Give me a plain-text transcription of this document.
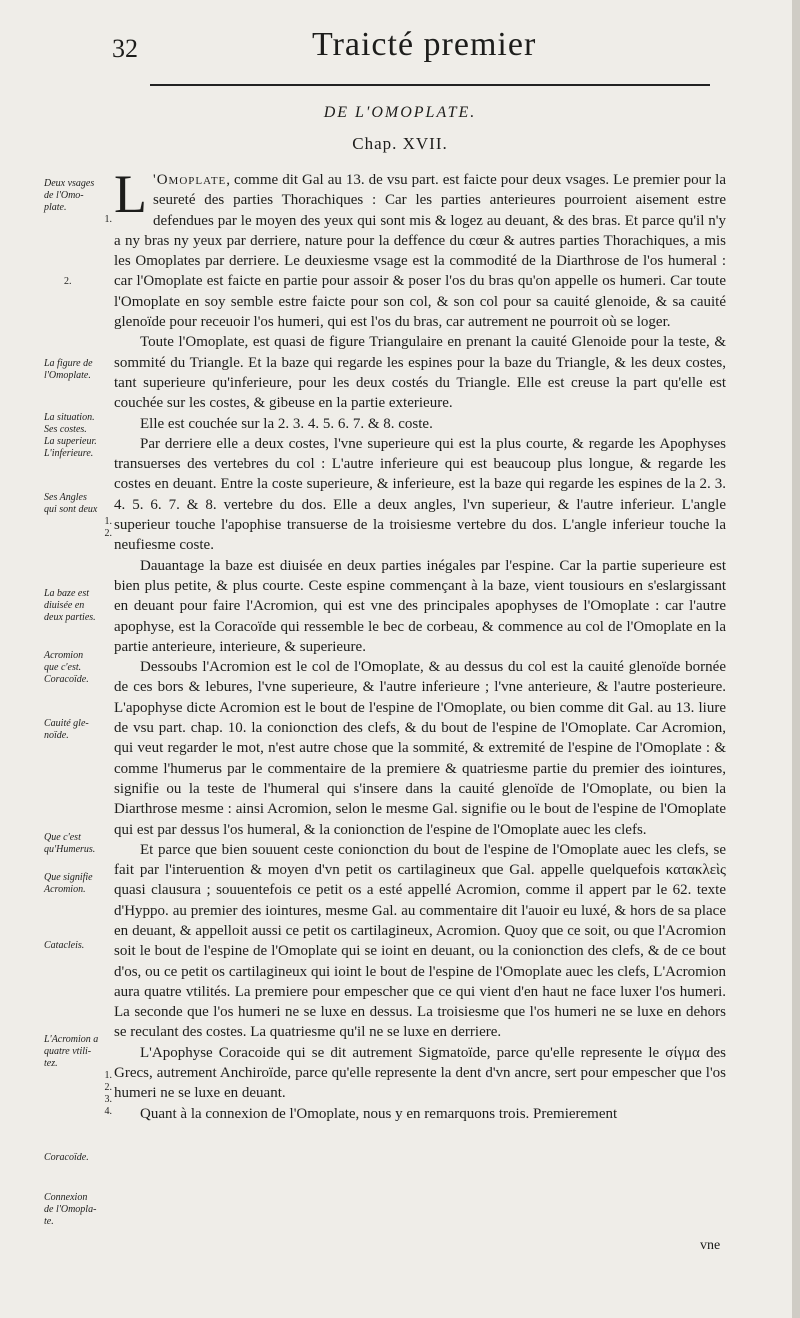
32	Traicté premier
DE L'OMOPLATE.
Chap. XVII.
Deux vsages
de l'Omo-
plate.
1.
2.
La figure de
l'Omoplate.
La situation.
Ses costes.
La superieur.
L'inferieure.
Ses Angles
qui sont deux
1.
2.
La baze est
diuisée en
deux parties.
Acromion
que c'est.
Coracoïde.
Cauité gle-
noïde.
Que c'est
qu'Humerus.
Que signifie
Acromion.
Catacleis.
L'Acromion a
quatre vtili-
tez.
1.
2.
3.
4.
Coracoïde.
Connexion
de l'Omopla-
te.

L 'Omoplate, comme dit Gal au 13. de vsu part. est faicte pour deux vsages. Le premier pour la seureté des parties Thorachiques : Car les parties anterieures pourroient aisement estre defendues par le moyen des yeux qui sont mis & logez au deuant, & des bras. Et parce qu'il n'y a ny bras ny yeux par derriere, nature pour la deffence du cœur & autres parties Thorachiques, a mis les Omoplates par derriere. Le deuxiesme vsage est la commodité de la Diarthrose de l'os humeral : car l'Omoplate est faicte en partie pour assoir & poser l'os du bras qu'on appelle os humeri. Car toute l'Omoplate en soy semble estre faicte pour son col, & son col pour sa cauité glenoide, & sa cauité glenoïde pour receuoir l'os humeri, qui est l'os du bras, car autrement ne pourroit où se loger.

Toute l'Omoplate, est quasi de figure Triangulaire en prenant la cauité Glenoide pour la teste, & sommité du Triangle. Et la baze qui regarde les espines pour la baze du Triangle, & les deux costes, tant superieure qu'inferieure, pour les deux costés du Triangle. Elle est creuse la part qu'elle est couchée sur les costes, & gibeuse en la partie exterieure.

Elle est couchée sur la 2. 3. 4. 5. 6. 7. & 8. coste.

Par derriere elle a deux costes, l'vne superieure qui est la plus courte, & regarde les Apophyses transuerses des vertebres du col : L'autre inferieure qui est beaucoup plus longue, & regarde les costes en deuant. Entre la coste superieure, & inferieure, est la baze qui regarde les espines de la 2. 3. 4. 5. 6. 7. & 8. vertebre du dos. Elle a deux angles, l'vn superieur, & l'autre inferieur. L'angle superieur touche l'apophise transuerse de la troisiesme vertebre du dos. L'angle inferieur touche la neufiesme coste.

Dauantage la baze est diuisée en deux parties inégales par l'espine. Car la partie superieure est bien plus petite, & plus courte. Ceste espine commençant à la baze, vient tousiours en s'eslargissant en deuant pour faire l'Acromion, qui est vne des principales apophyses de l'Omoplate : car l'autre apophyse, est la Coracoïde qui ressemble le bec de corbeau, & commence au col de l'Omoplate en la partie anterieure, interieure, & superieure.

Dessoubs l'Acromion est le col de l'Omoplate, & au dessus du col est la cauité glenoïde bornée de ces bors & lebures, l'vne superieure, & l'autre inferieure ; l'vne anterieure, & l'autre posterieure. L'apophyse dicte Acromion est le bout de l'espine de l'Omoplate, ou bien comme dit Gal. au 13. liure de vsu part. chap. 10. la conionction des clefs, & du bout de l'espine de l'Omoplate. Car Acromion, qui veut regarder le mot, n'est autre chose que la sommité, & extremité de l'espine de l'Omoplate : & comme l'humerus par le commentaire de la premiere & quatriesme partie du premier des iointures, signifie ou la teste de l'humeral qui s'insere dans la cauité glenoïde de l'Omoplate, ou bien la Diarthrose mesme : ainsi Acromion, selon le mesme Gal. signifie ou le bout de l'espine de l'Omoplate qui est par dessus l'os humeral, & la conionction de l'espine de l'Omoplate auec les clefs.

Et parce que bien souuent ceste conionction du bout de l'espine de l'Omoplate auec les clefs, se fait par l'interuention & moyen d'vn petit os cartilagineux que Gal. appelle quelquefois κατακλεὶς quasi clausura ; souuentefois ce petit os a esté appellé Acromion, comme il appert par le 62. texte d'Hyppo. au premier des iointures, mesme Gal. au commentaire dit l'auoir eu luxé, & hors de sa place en deuant, & appelloit aussi ce petit os cartilagineux, Acromion. Quoy que ce soit, ou que l'Acromion soit le bout de l'espine de l'Omoplate qui se ioint en deuant, ou la conionction des clefs, & de ce bout d'os, ou ce petit os cartilagineux qui ioint le bout de l'espine de l'Omoplate auec les clefs, L'Acromion aura quatre vtilités. La premiere pour empescher que ce qui vient d'en haut ne face luxer l'os humeri. La seconde que l'os humeri ne se luxe en dessus. La troisiesme que l'os humeri ne se luxe en dehors se reculant des costes. La quatriesme qu'il ne se luxe en derriere.

L'Apophyse Coracoide qui se dit autrement Sigmatoïde, parce qu'elle represente le σίγμα des Grecs, autrement Anchiroïde, parce qu'elle represente la dent d'vn ancre, sert pour empescher que l'os humeri ne se luxe en deuant.

Quant à la connexion de l'Omoplate, nous y en remarquons trois. Premierement

vne
